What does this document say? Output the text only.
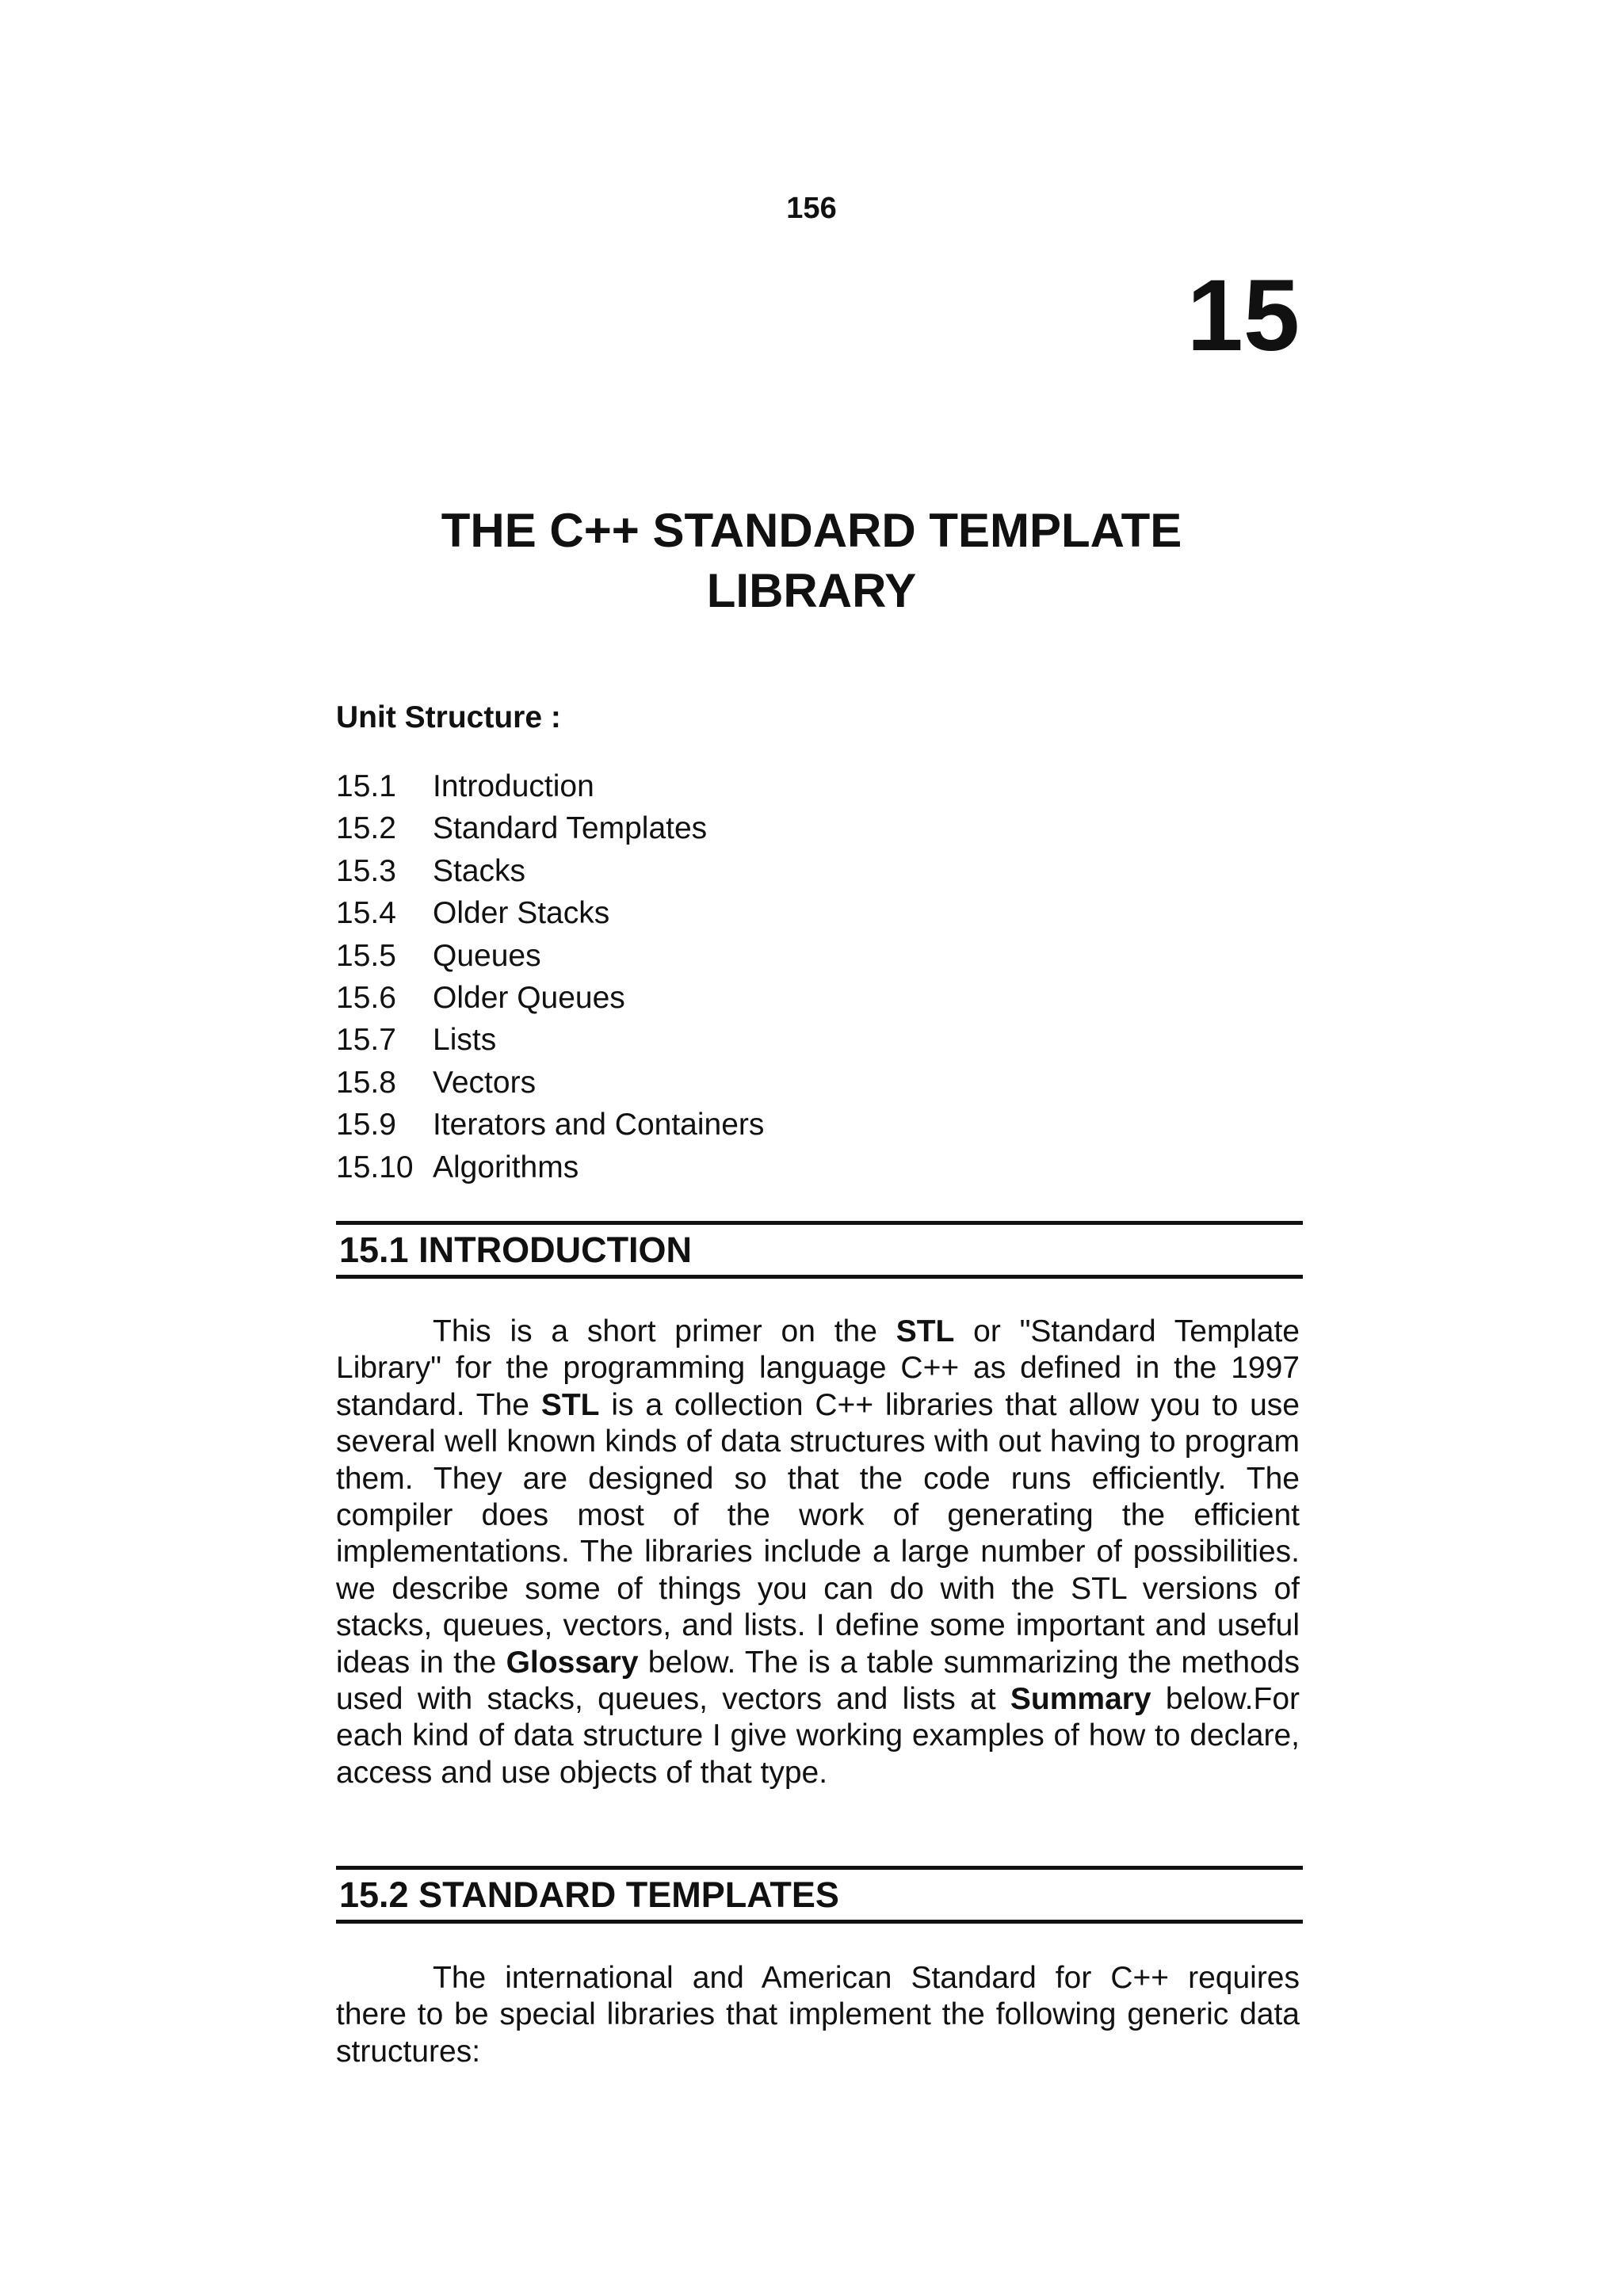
156
15
THE C++ STANDARD TEMPLATE
LIBRARY
Unit Structure :
15.1	Introduction
15.2	Standard Templates
15.3	Stacks
15.4	Older Stacks
15.5	Queues
15.6	Older Queues
15.7	Lists
15.8	Vectors
15.9	Iterators and Containers
15.10 Algorithms
15.1 INTRODUCTION

This is a short primer on the STL or "Standard Template Library" for the programming language C++ as defined in the 1997 standard. The STL is a collection C++ libraries that allow you to use several well known kinds of data structures with out having to program them. They are designed so that the code runs efficiently. The compiler does most of the work of generating the efficient implementations. The libraries include a large number of possibilities. we describe some of things you can do with the STL versions of stacks, queues, vectors, and lists. I define some important and useful ideas in the Glossary below. The is a table summarizing the methods used with stacks, queues, vectors and lists at Summary below.For each kind of data structure I give working examples of how to declare, access and use objects of that type.

15.2 STANDARD TEMPLATES

The international and American Standard for C++ requires there to be special libraries that implement the following generic data structures:
